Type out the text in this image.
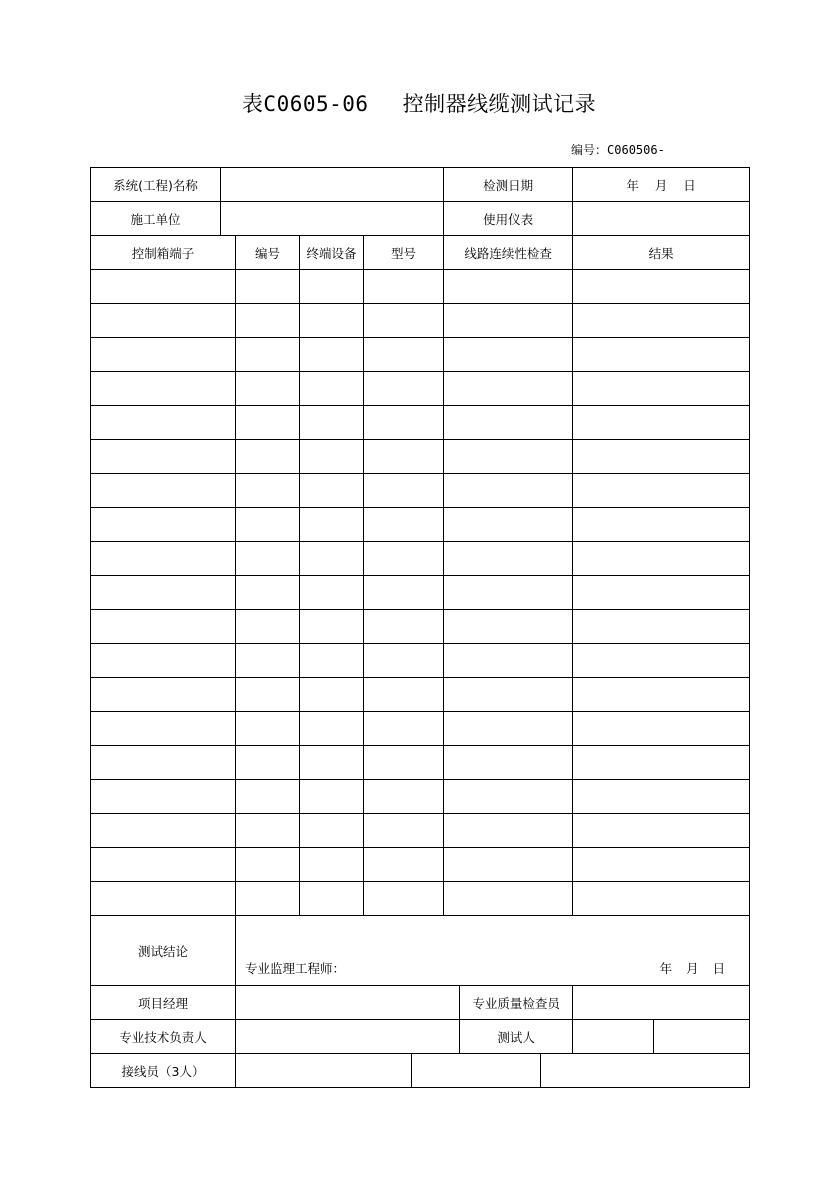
表C0605-06 控制器线缆测试记录
编号：C060506-
系统(工程)名称						检测日期			年 月 日	
施工单位						使用仪表				
控制箱端子		编号	终端设备	型号		线路连续性检查			结果	

测试结论		专业监理工程师： 年 月 日								

项目经理							专业质量检查员			
专业技术负责人							测试人			
接线员（3人）										
